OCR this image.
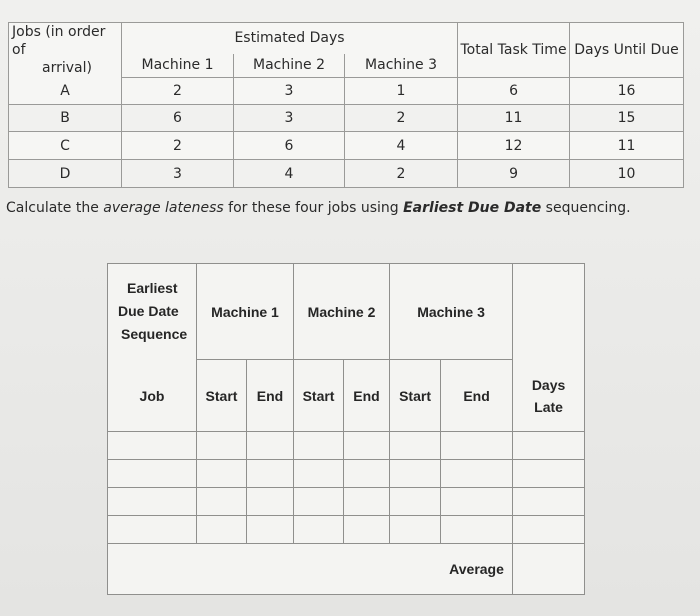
Jobs (in order of
arrival)	Estimated Days			Total Task Time	Days Until Due
	Machine 1	Machine 2	Machine 3		
A	2	3	1	6	16
B	6	3	2	11	15
C	2	6	4	12	11
D	3	4	2	9	10
Calculate the average lateness for these four jobs using Earliest Due Date sequencing.
Earliest
Due Date
Sequence	Machine 1		Machine 2		Machine 3		
Job	Start	End	Start	End	Start	End	Days
Late

						Average	
